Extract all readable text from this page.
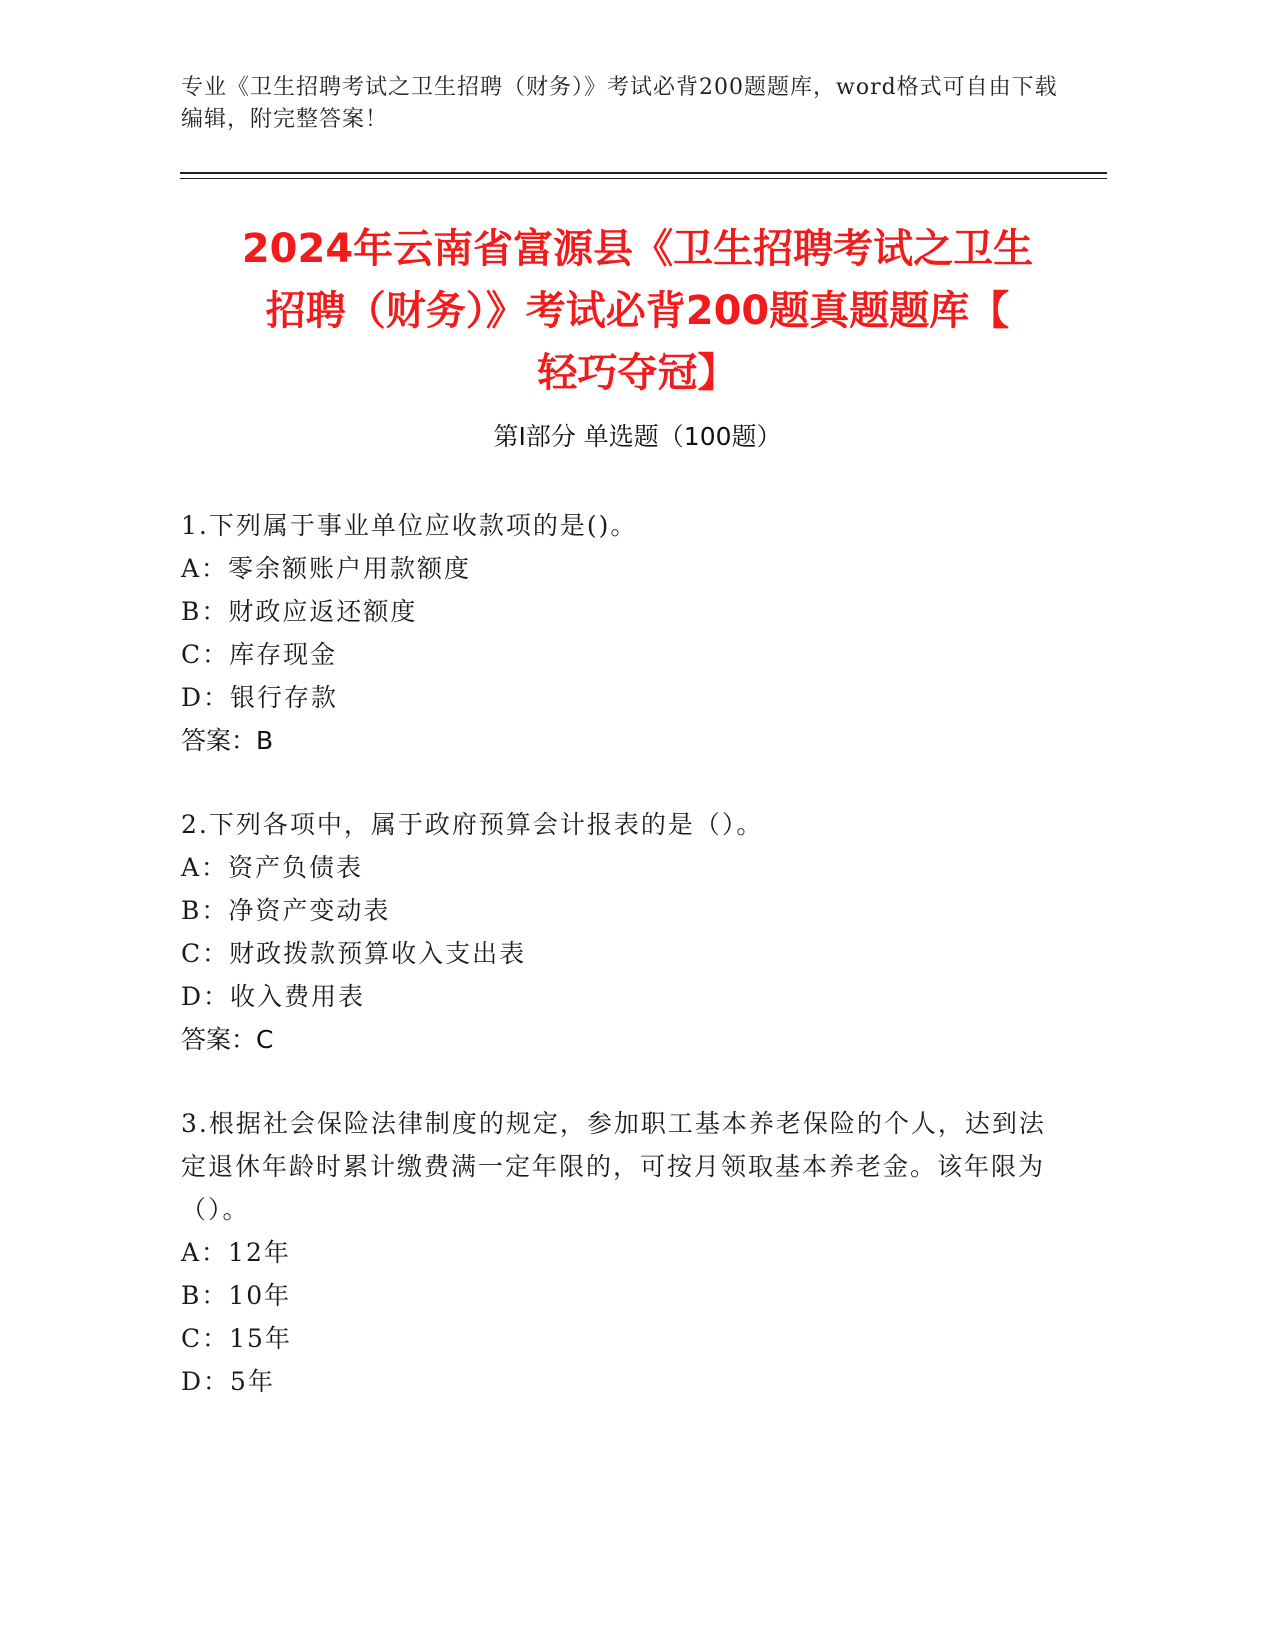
专业《卫生招聘考试之卫生招聘（财务）》考试必背200题题库，word格式可自由下载编辑，附完整答案！
2024年云南省富源县《卫生招聘考试之卫生
招聘（财务）》考试必背200题真题题库【
轻巧夺冠】
第Ⅰ部分 单选题（100题）
1.下列属于事业单位应收款项的是()。
A：零余额账户用款额度
B：财政应返还额度
C：库存现金
D：银行存款
答案：B
2.下列各项中，属于政府预算会计报表的是（）。
A：资产负债表
B：净资产变动表
C：财政拨款预算收入支出表
D：收入费用表
答案：C
3.根据社会保险法律制度的规定，参加职工基本养老保险的个人，达到法定退休年龄时累计缴费满一定年限的，可按月领取基本养老金。该年限为（）。
A：12年
B：10年
C：15年
D：5年
